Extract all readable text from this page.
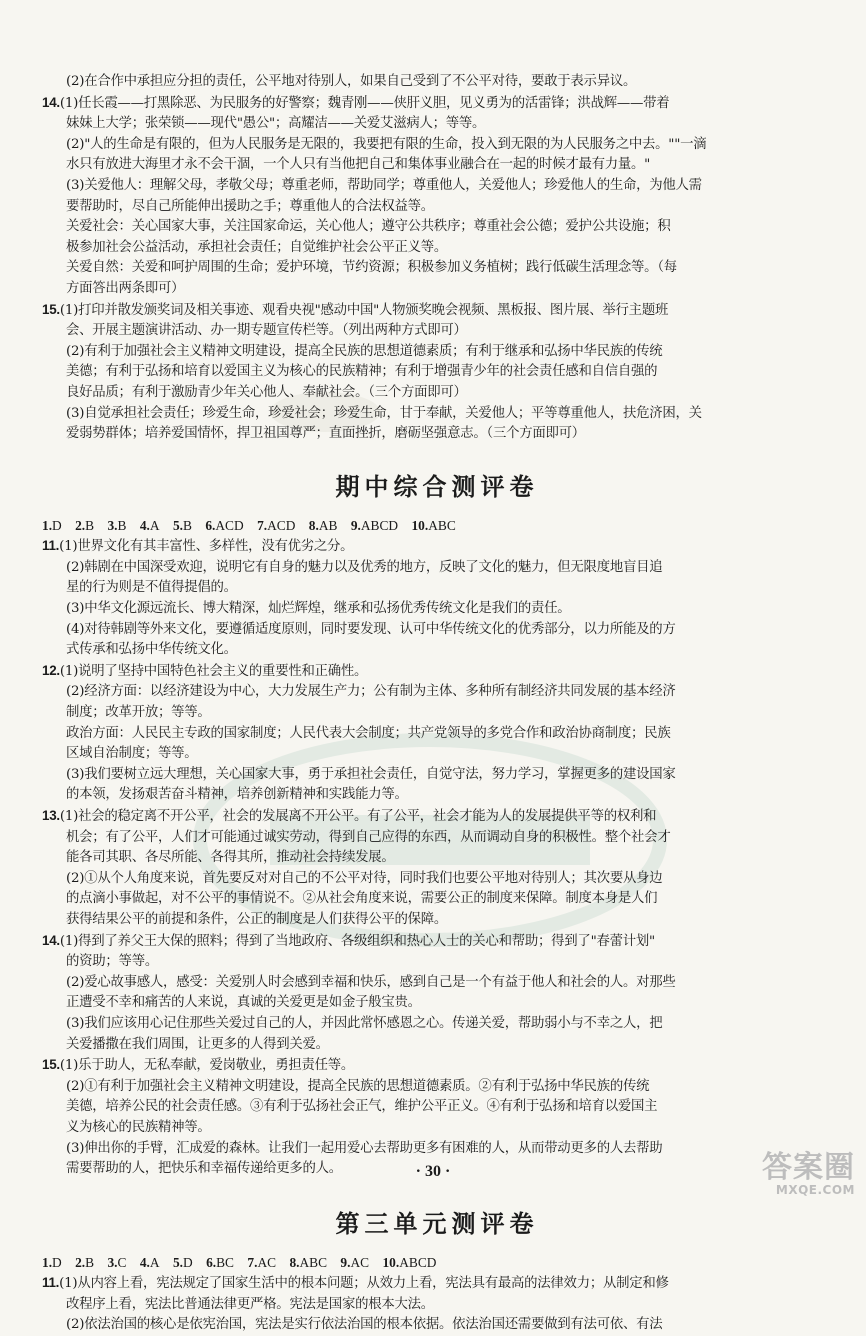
(2)在合作中承担应分担的责任，公平地对待别人，如果自己受到了不公平对待，要敢于表示异议。
14.(1)任长霞——打黑除恶、为民服务的好警察；魏青刚——侠肝义胆，见义勇为的活雷锋；洪战辉——带着
妹妹上大学；张荣锁——现代"愚公"；高耀洁——关爱艾滋病人；等等。
(2)"人的生命是有限的，但为人民服务是无限的，我要把有限的生命，投入到无限的为人民服务之中去。""一滴
水只有放进大海里才永不会干涸，一个人只有当他把自己和集体事业融合在一起的时候才最有力量。"
(3)关爱他人：理解父母，孝敬父母；尊重老师，帮助同学；尊重他人，关爱他人；珍爱他人的生命，为他人需
要帮助时，尽自己所能伸出援助之手；尊重他人的合法权益等。
关爱社会：关心国家大事，关注国家命运，关心他人；遵守公共秩序；尊重社会公德；爱护公共设施；积
极参加社会公益活动，承担社会责任；自觉维护社会公平正义等。
关爱自然：关爱和呵护周围的生命；爱护环境，节约资源；积极参加义务植树；践行低碳生活理念等。（每
方面答出两条即可）
15.(1)打印并散发颁奖词及相关事迹、观看央视"感动中国"人物颁奖晚会视频、黑板报、图片展、举行主题班
会、开展主题演讲活动、办一期专题宣传栏等。（列出两种方式即可）
(2)有利于加强社会主义精神文明建设，提高全民族的思想道德素质；有利于继承和弘扬中华民族的传统
美德；有利于弘扬和培育以爱国主义为核心的民族精神；有利于增强青少年的社会责任感和自信自强的
良好品质；有利于激励青少年关心他人、奉献社会。（三个方面即可）
(3)自觉承担社会责任；珍爱生命，珍爱社会；珍爱生命，甘于奉献，关爱他人；平等尊重他人，扶危济困，关
爱弱势群体；培养爱国情怀，捍卫祖国尊严；直面挫折，磨砺坚强意志。（三个方面即可）
期中综合测评卷
1.D  2.B  3.B  4.A  5.B  6.ACD  7.ACD  8.AB  9.ABCD  10.ABC
11.(1)世界文化有其丰富性、多样性，没有优劣之分。
(2)韩剧在中国深受欢迎，说明它有自身的魅力以及优秀的地方，反映了文化的魅力，但无限度地盲目追
星的行为则是不值得提倡的。
(3)中华文化源远流长、博大精深，灿烂辉煌，继承和弘扬优秀传统文化是我们的责任。
(4)对待韩剧等外来文化，要遵循适度原则，同时要发现、认可中华传统文化的优秀部分，以力所能及的方
式传承和弘扬中华传统文化。
12.(1)说明了坚持中国特色社会主义的重要性和正确性。
(2)经济方面：以经济建设为中心，大力发展生产力；公有制为主体、多种所有制经济共同发展的基本经济
制度；改革开放；等等。
政治方面：人民民主专政的国家制度；人民代表大会制度；共产党领导的多党合作和政治协商制度；民族
区域自治制度；等等。
(3)我们要树立远大理想，关心国家大事，勇于承担社会责任，自觉守法，努力学习，掌握更多的建设国家
的本领，发扬艰苦奋斗精神，培养创新精神和实践能力等。
13.(1)社会的稳定离不开公平，社会的发展离不开公平。有了公平，社会才能为人的发展提供平等的权利和
机会；有了公平，人们才可能通过诚实劳动，得到自己应得的东西，从而调动自身的积极性。整个社会才
能各司其职、各尽所能、各得其所，推动社会持续发展。
(2)①从个人角度来说，首先要反对对自己的不公平对待，同时我们也要公平地对待别人；其次要从身边
的点滴小事做起，对不公平的事情说不。②从社会角度来说，需要公正的制度来保障。制度本身是人们
获得结果公平的前提和条件，公正的制度是人们获得公平的保障。
14.(1)得到了养父王大保的照料；得到了当地政府、各级组织和热心人士的关心和帮助；得到了"春蕾计划"
的资助；等等。
(2)爱心故事感人，感受：关爱别人时会感到幸福和快乐，感到自己是一个有益于他人和社会的人。对那些
正遭受不幸和痛苦的人来说，真诚的关爱更是如金子般宝贵。
(3)我们应该用心记住那些关爱过自己的人，并因此常怀感恩之心。传递关爱，帮助弱小与不幸之人，把
关爱播撒在我们周围，让更多的人得到关爱。
15.(1)乐于助人，无私奉献，爱岗敬业，勇担责任等。
(2)①有利于加强社会主义精神文明建设，提高全民族的思想道德素质。②有利于弘扬中华民族的传统
美德，培养公民的社会责任感。③有利于弘扬社会正气，维护公平正义。④有利于弘扬和培育以爱国主
义为核心的民族精神等。
(3)伸出你的手臂，汇成爱的森林。让我们一起用爱心去帮助更多有困难的人，从而带动更多的人去帮助
需要帮助的人，把快乐和幸福传递给更多的人。
第三单元测评卷
1.D  2.B  3.C  4.A  5.D  6.BC  7.AC  8.ABC  9.AC  10.ABCD
11.(1)从内容上看，宪法规定了国家生活中的根本问题；从效力上看，宪法具有最高的法律效力；从制定和修
改程序上看，宪法比普通法律更严格。宪法是国家的根本大法。
(2)依法治国的核心是依宪治国，宪法是实行依法治国的根本依据。依法治国还需要做到有法可依、有法
· 30 ·	答案圈
MXQE.COM
